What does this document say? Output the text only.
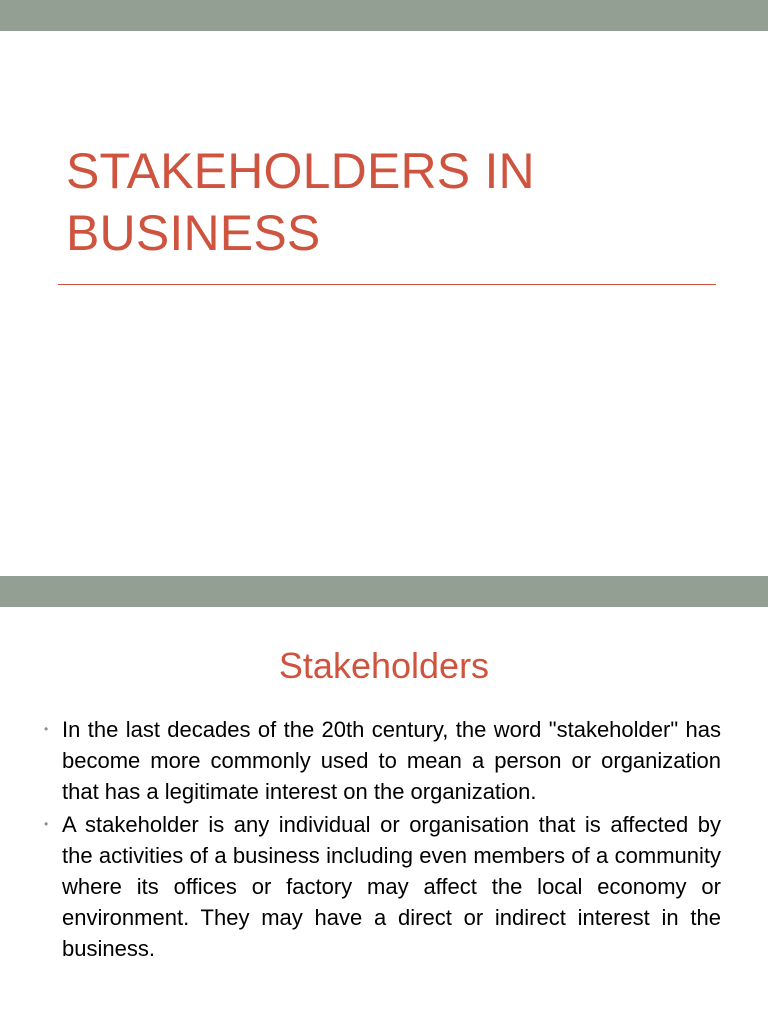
STAKEHOLDERS IN
BUSINESS
Stakeholders
• In the last decades of the 20th century, the word "stakeholder" has become more commonly used to mean a person or organization that has a legitimate interest on the organization.
• A stakeholder is any individual or organisation that is affected by the activities of a business including even members of a community where its offices or factory may affect the local economy or environment. They may have a direct or indirect interest in the business.
